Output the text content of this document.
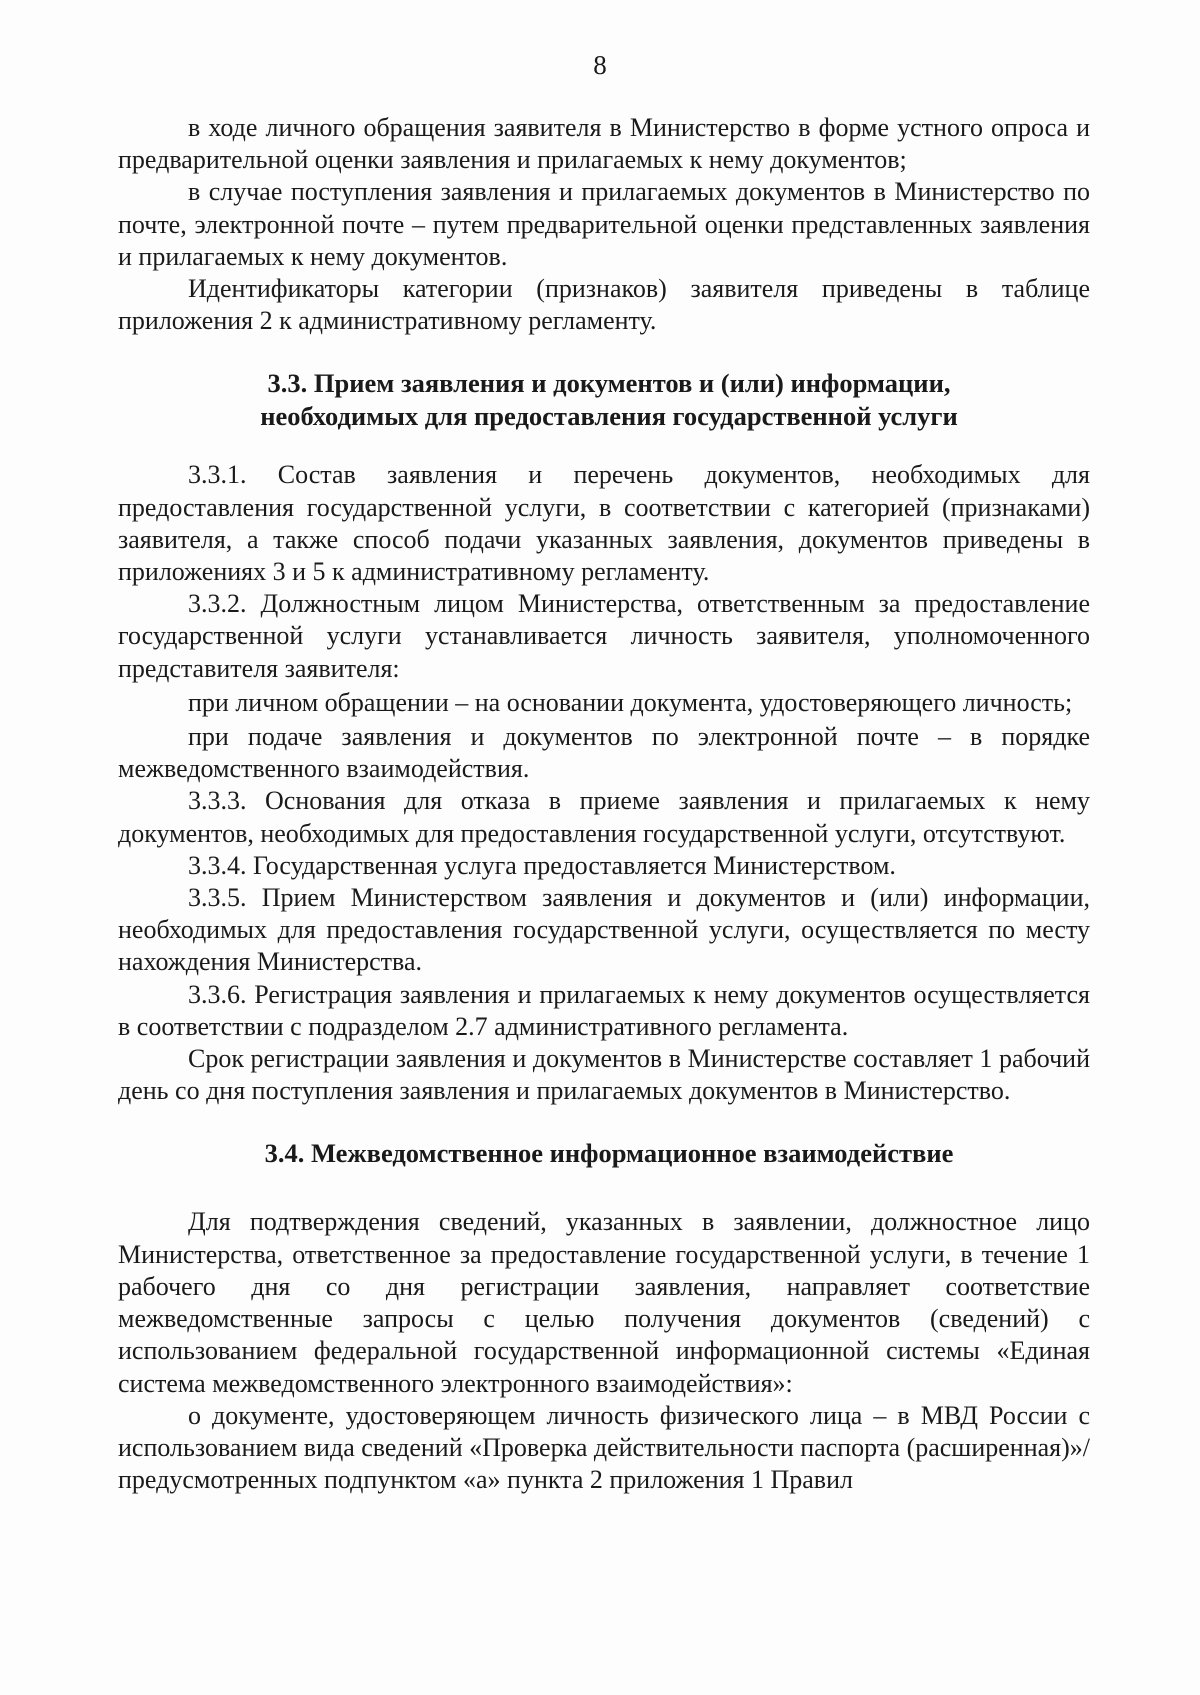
8

в ходе личного обращения заявителя в Министерство в форме устного опроса и предварительной оценки заявления и прилагаемых к нему документов;

в случае поступления заявления и прилагаемых документов в Министерство по почте, электронной почте – путем предварительной оценки представленных заявления и прилагаемых к нему документов.

Идентификаторы категории (признаков) заявителя приведены в таблице приложения 2 к административному регламенту.

3.3. Прием заявления и документов и (или) информации,
необходимых для предоставления государственной услуги

3.3.1. Состав заявления и перечень документов, необходимых для предоставления государственной услуги, в соответствии с категорией (признаками) заявителя, а также способ подачи указанных заявления, документов приведены в приложениях 3 и 5 к административному регламенту.

3.3.2. Должностным лицом Министерства, ответственным за предоставление государственной услуги устанавливается личность заявителя, уполномоченного представителя заявителя:

при личном обращении – на основании документа, удостоверяющего личность;

при подаче заявления и документов по электронной почте – в порядке межведомственного взаимодействия.

3.3.3. Основания для отказа в приеме заявления и прилагаемых к нему документов, необходимых для предоставления государственной услуги, отсутствуют.

3.3.4. Государственная услуга предоставляется Министерством.

3.3.5. Прием Министерством заявления и документов и (или) информации, необходимых для предоставления государственной услуги, осуществляется по месту нахождения Министерства.

3.3.6. Регистрация заявления и прилагаемых к нему документов осуществляется в соответствии с подразделом 2.7 административного регламента.

Срок регистрации заявления и документов в Министерстве составляет 1 рабочий день со дня поступления заявления и прилагаемых документов в Министерство.

3.4. Межведомственное информационное взаимодействие

Для подтверждения сведений, указанных в заявлении, должностное лицо Министерства, ответственное за предоставление государственной услуги, в течение 1 рабочего дня со дня регистрации заявления, направляет соответствие межведомственные запросы с целью получения документов (сведений) с использованием федеральной государственной информационной системы «Единая система межведомственного электронного взаимодействия»:

о документе, удостоверяющем личность физического лица – в МВД России с использованием вида сведений «Проверка действительности паспорта (расширенная)»/предусмотренных подпунктом «а» пункта 2 приложения 1 Правил
